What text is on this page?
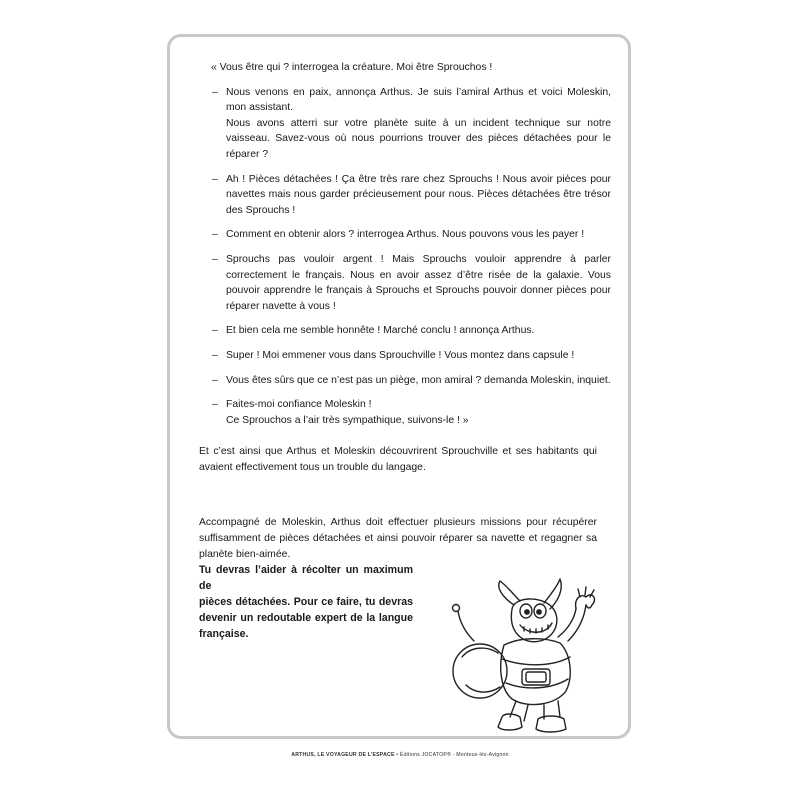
« Vous être qui ? interrogea la créature. Moi être Sprouchos !

– Nous venons en paix, annonça Arthus. Je suis l’amiral Arthus et voici Moleskin, mon assistant.
Nous avons atterri sur votre planète suite à un incident technique sur notre vaisseau. Savez-vous où nous pourrions trouver des pièces détachées pour le réparer ?
– Ah ! Pièces détachées ! Ça être très rare chez Sprouchs ! Nous avoir pièces pour navettes mais nous garder précieusement pour nous. Pièces détachées être trésor des Sprouchs !
– Comment en obtenir alors ? interrogea Arthus. Nous pouvons vous les payer !
– Sprouchs pas vouloir argent ! Mais Sprouchs vouloir apprendre à parler correctement le français. Nous en avoir assez d’être risée de la galaxie. Vous pouvoir apprendre le français à Sprouchs et Sprouchs pouvoir donner pièces pour réparer navette à vous !
– Et bien cela me semble honnête ! Marché conclu ! annonça Arthus.
– Super ! Moi emmener vous dans Sprouchville ! Vous montez dans capsule !
– Vous êtes sûrs que ce n’est pas un piège, mon amiral ? demanda Moleskin, inquiet.
– Faites-moi confiance Moleskin !
Ce Sprouchos a l’air très sympathique, suivons-le ! »

Et c’est ainsi que Arthus et Moleskin découvrirent Sprouchville et ses habitants qui avaient effectivement tous un trouble du langage.

Accompagné de Moleskin, Arthus doit effectuer plusieurs missions pour récupérer suffisamment de pièces détachées et ainsi pouvoir réparer sa navette et regagner sa planète bien-aimée.

Tu devras l’aider à récolter un maximum de
pièces détachées. Pour ce faire, tu devras
devenir un redoutable expert de la langue
française.

ARTHUS, LE VOYAGEUR DE L’ESPACE • Éditions JOCATOP® - Monteux-lès-Avignon
